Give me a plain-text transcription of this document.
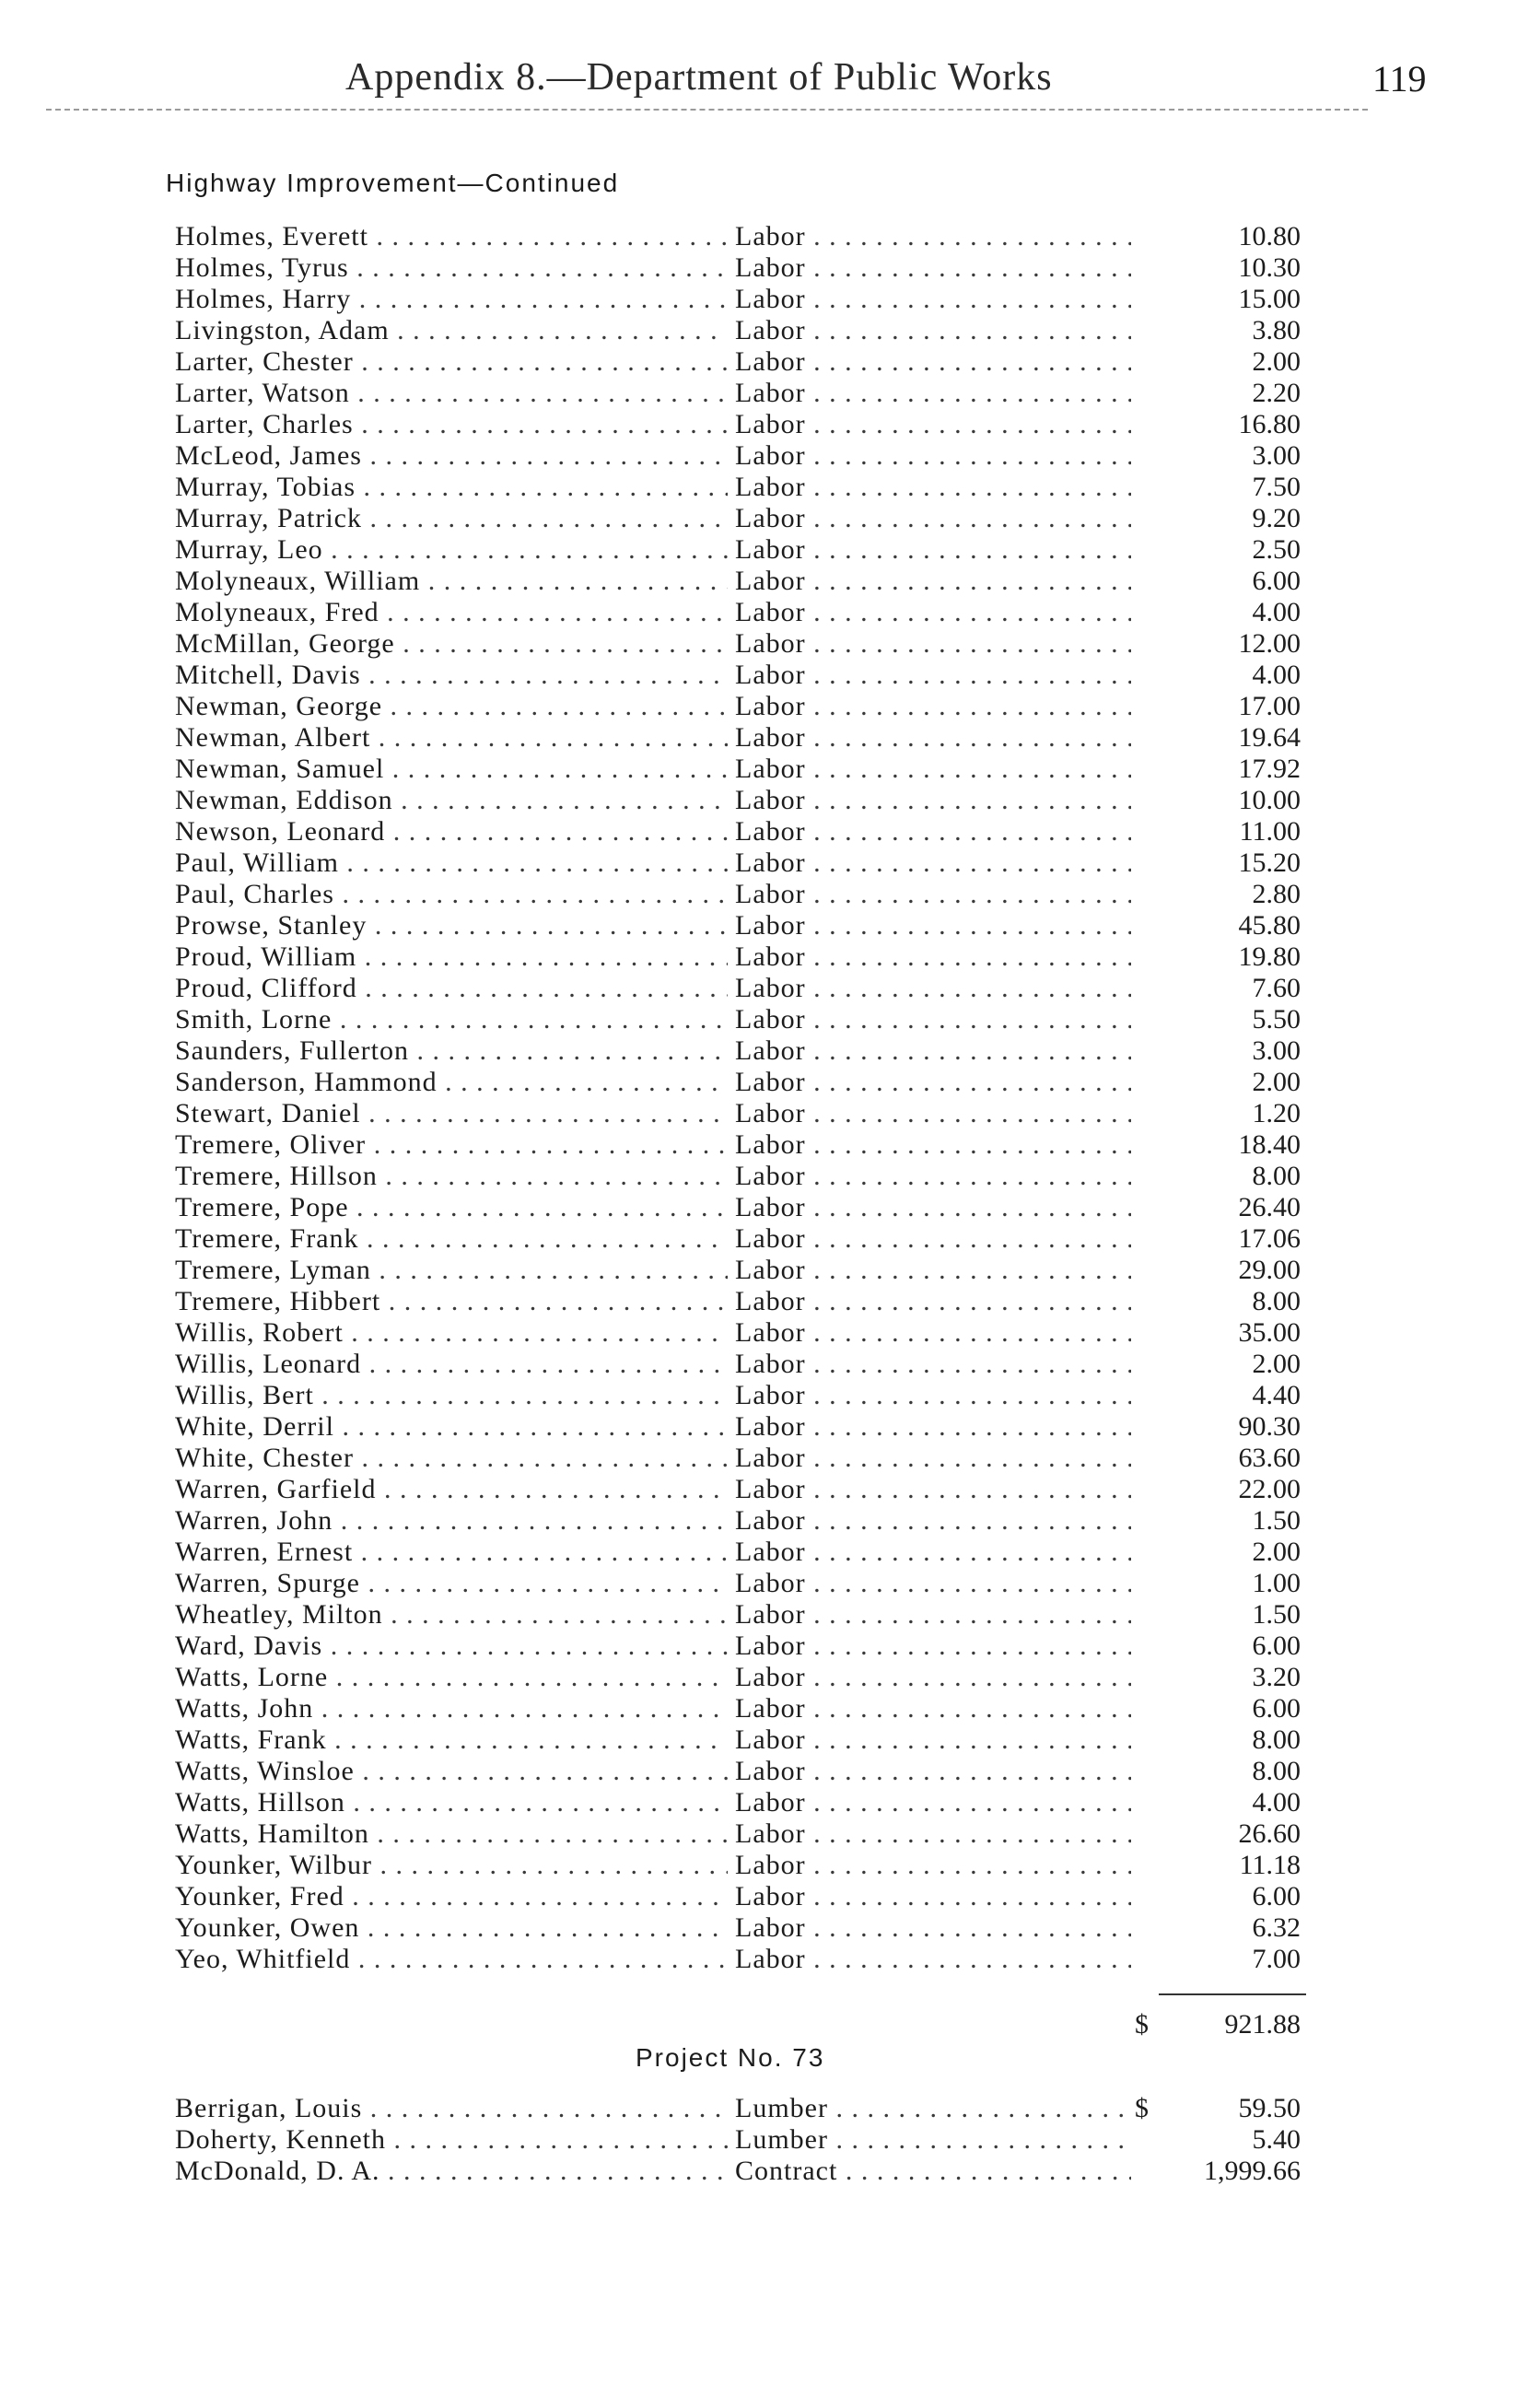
Appendix 8.—Department of Public Works	119
Highway Improvement—Continued
Holmes, Everett . . .	Labor . . .	10.80
Holmes, Tyrus . . .	Labor . . .	10.30
Holmes, Harry . . .	Labor . . .	15.00
Livingston, Adam . . .	Labor . . .	3.80
Larter, Chester . . .	Labor . . .	2.00
Larter, Watson . . .	Labor . . .	2.20
Larter, Charles . . .	Labor . . .	16.80
McLeod, James . . .	Labor . . .	3.00
Murray, Tobias . . .	Labor . . .	7.50
Murray, Patrick . . .	Labor . . .	9.20
Murray, Leo . . .	Labor . . .	2.50
Molyneaux, William . . .	Labor . . .	6.00
Molyneaux, Fred . . .	Labor . . .	4.00
McMillan, George . . .	Labor . . .	12.00
Mitchell, Davis . . .	Labor . . .	4.00
Newman, George . . .	Labor . . .	17.00
Newman, Albert . . .	Labor . . .	19.64
Newman, Samuel . . .	Labor . . .	17.92
Newman, Eddison . . .	Labor . . .	10.00
Newson, Leonard . . .	Labor . . .	11.00
Paul, William . . .	Labor . . .	15.20
Paul, Charles . . .	Labor . . .	2.80
Prowse, Stanley . . .	Labor . . .	45.80
Proud, William . . .	Labor . . .	19.80
Proud, Clifford . . .	Labor . . .	7.60
Smith, Lorne . . .	Labor . . .	5.50
Saunders, Fullerton . . .	Labor . . .	3.00
Sanderson, Hammond . . .	Labor . . .	2.00
Stewart, Daniel . . .	Labor . . .	1.20
Tremere, Oliver . . .	Labor . . .	18.40
Tremere, Hillson . . .	Labor . . .	8.00
Tremere, Pope . . .	Labor . . .	26.40
Tremere, Frank . . .	Labor . . .	17.06
Tremere, Lyman . . .	Labor . . .	29.00
Tremere, Hibbert . . .	Labor . . .	8.00
Willis, Robert . . .	Labor . . .	35.00
Willis, Leonard . . .	Labor . . .	2.00
Willis, Bert . . .	Labor . . .	4.40
White, Derril . . .	Labor . . .	90.30
White, Chester . . .	Labor . . .	63.60
Warren, Garfield . . .	Labor . . .	22.00
Warren, John . . .	Labor . . .	1.50
Warren, Ernest . . .	Labor . . .	2.00
Warren, Spurge . . .	Labor . . .	1.00
Wheatley, Milton . . .	Labor . . .	1.50
Ward, Davis . . .	Labor . . .	6.00
Watts, Lorne . . .	Labor . . .	3.20
Watts, John . . .	Labor . . .	6.00
Watts, Frank . . .	Labor . . .	8.00
Watts, Winsloe . . .	Labor . . .	8.00
Watts, Hillson . . .	Labor . . .	4.00
Watts, Hamilton . . .	Labor . . .	26.60
Younker, Wilbur . . .	Labor . . .	11.18
Younker, Fred . . .	Labor . . .	6.00
Younker, Owen . . .	Labor . . .	6.32
Yeo, Whitfield . . .	Labor . . .	7.00
$	921.88
Project No. 73
Berrigan, Louis . . .	Lumber . . .	$	59.50
Doherty, Kenneth . . .	Lumber . . .	5.40
McDonald, D. A. . . .	Contract . . .	1,999.66
